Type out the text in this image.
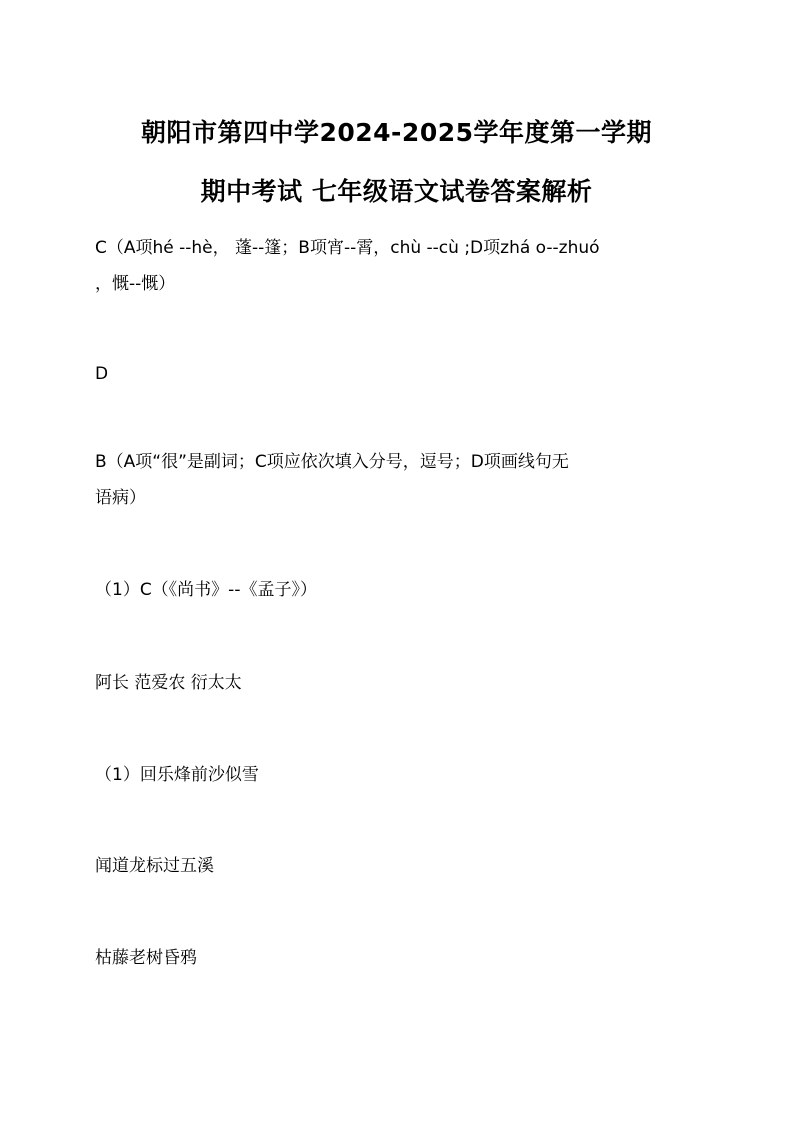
朝阳市第四中学2024-2025学年度第一学期
期中考试 七年级语文试卷答案解析
C（A项hé --hè， 蓬--篷；B项宵--霄，chù --cù ;D项zhá o--zhuó
，慨--慨）
D
B（A项“很”是副词；C项应依次填入分号，逗号；D项画线句无
语病）
（1）C（《尚书》--《孟子》）
阿长 范爱农 衍太太
（1）回乐烽前沙似雪
闻道龙标过五溪
枯藤老树昏鸦
